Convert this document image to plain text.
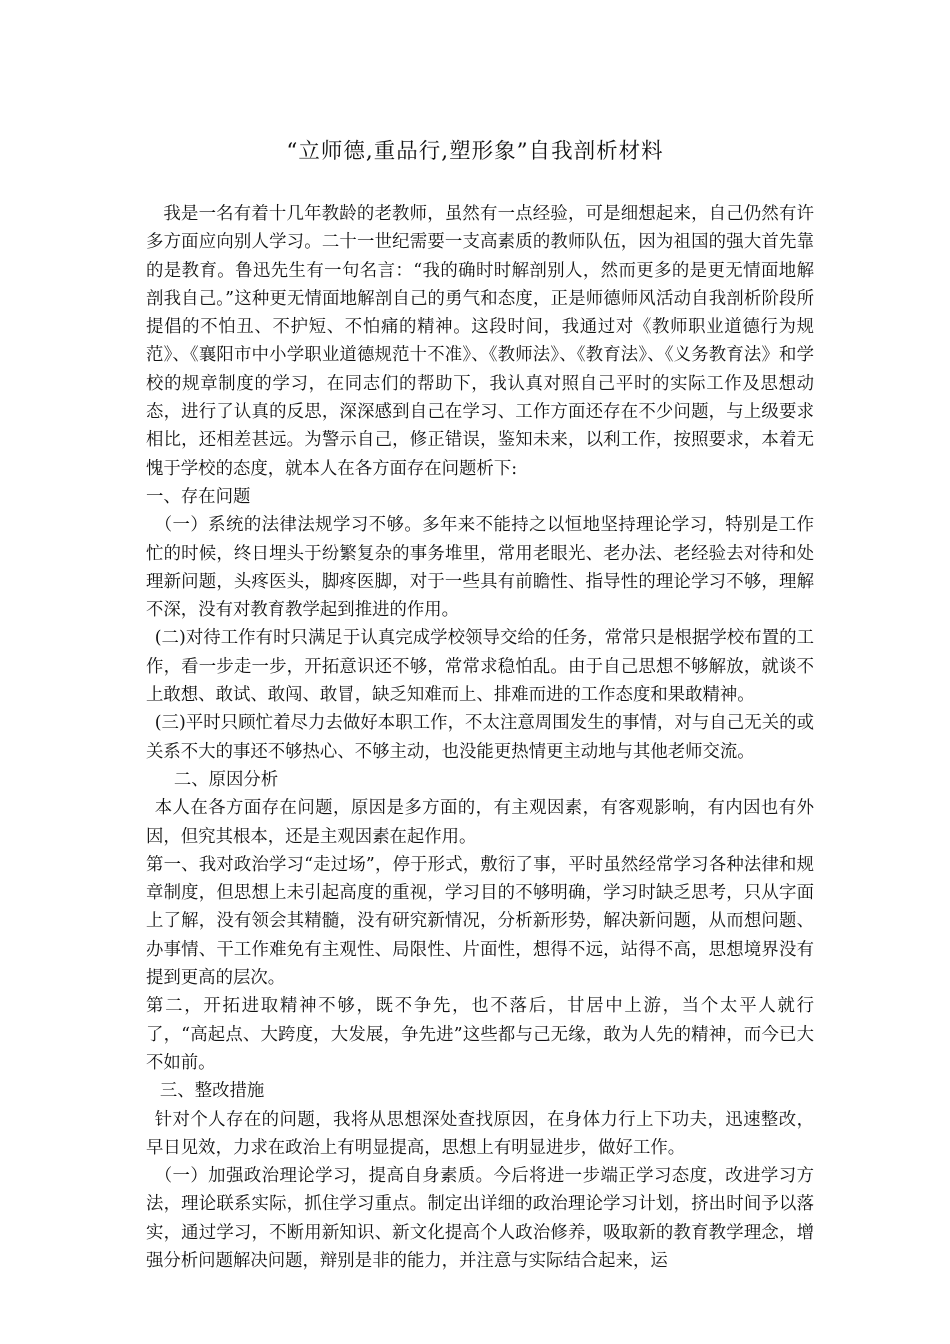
“立师德,重品行,塑形象”自我剖析材料

我是一名有着十几年教龄的老教师，虽然有一点经验，可是细想起来，自己仍然有许多方面应向别人学习。二十一世纪需要一支高素质的教师队伍，因为祖国的强大首先靠的是教育。鲁迅先生有一句名言：“我的确时时解剖别人，然而更多的是更无情面地解剖我自己。”这种更无情面地解剖自己的勇气和态度，正是师德师风活动自我剖析阶段所提倡的不怕丑、不护短、不怕痛的精神。这段时间，我通过对《教师职业道德行为规范》、《襄阳市中小学职业道德规范十不准》、《教师法》、《教育法》、《义务教育法》和学校的规章制度的学习，在同志们的帮助下，我认真对照自己平时的实际工作及思想动态，进行了认真的反思，深深感到自己在学习、工作方面还存在不少问题，与上级要求相比，还相差甚远。为警示自己，修正错误，鉴知未来，以利工作，按照要求，本着无愧于学校的态度，就本人在各方面存在问题析下:

一、存在问题

（一）系统的法律法规学习不够。多年来不能持之以恒地坚持理论学习，特别是工作忙的时候，终日埋头于纷繁复杂的事务堆里，常用老眼光、老办法、老经验去对待和处理新问题，头疼医头，脚疼医脚，对于一些具有前瞻性、指导性的理论学习不够，理解不深，没有对教育教学起到推进的作用。

(二)对待工作有时只满足于认真完成学校领导交给的任务，常常只是根据学校布置的工作，看一步走一步，开拓意识还不够，常常求稳怕乱。由于自己思想不够解放，就谈不上敢想、敢试、敢闯、敢冒，缺乏知难而上、排难而进的工作态度和果敢精神。

(三)平时只顾忙着尽力去做好本职工作，不太注意周围发生的事情，对与自己无关的或关系不大的事还不够热心、不够主动，也没能更热情更主动地与其他老师交流。

二、原因分析

本人在各方面存在问题，原因是多方面的，有主观因素，有客观影响，有内因也有外因，但究其根本，还是主观因素在起作用。

第一、我对政治学习“走过场”，停于形式，敷衍了事，平时虽然经常学习各种法律和规章制度，但思想上未引起高度的重视，学习目的不够明确，学习时缺乏思考，只从字面上了解，没有领会其精髓，没有研究新情况，分析新形势，解决新问题，从而想问题、办事情、干工作难免有主观性、局限性、片面性，想得不远，站得不高，思想境界没有提到更高的层次。

第二，开拓进取精神不够，既不争先，也不落后，甘居中上游，当个太平人就行了，“高起点、大跨度，大发展，争先进”这些都与己无缘，敢为人先的精神，而今已大不如前。

三、整改措施

针对个人存在的问题，我将从思想深处查找原因，在身体力行上下功夫，迅速整改，早日见效，力求在政治上有明显提高，思想上有明显进步，做好工作。

（一）加强政治理论学习，提高自身素质。今后将进一步端正学习态度，改进学习方法，理论联系实际，抓住学习重点。制定出详细的政治理论学习计划，挤出时间予以落实，通过学习，不断用新知识、新文化提高个人政治修养，吸取新的教育教学理念，增强分析问题解决问题，辩别是非的能力，并注意与实际结合起来，运
